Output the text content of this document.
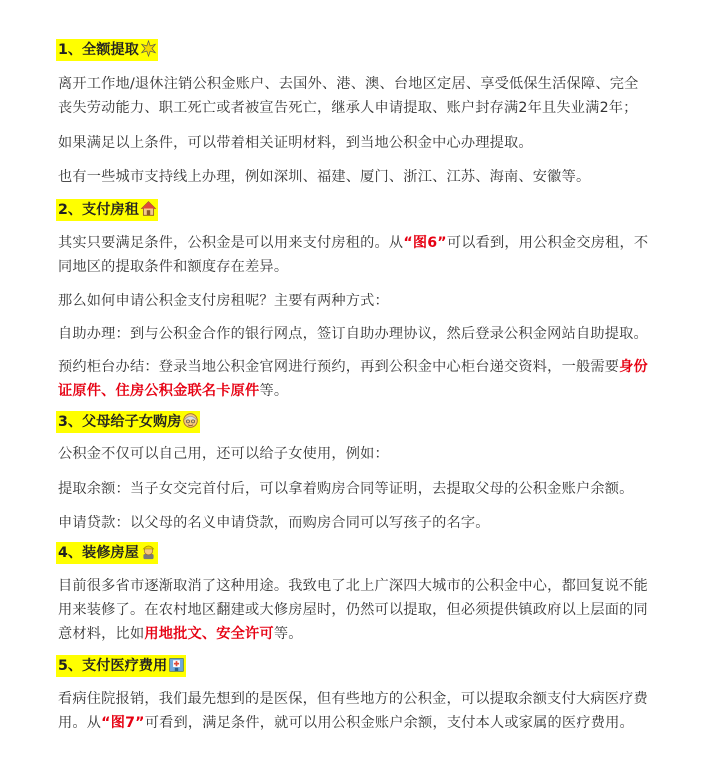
1、全额提取

离开工作地/退休注销公积金账户、去国外、港、澳、台地区定居、享受低保生活保障、完全

丧失劳动能力、职工死亡或者被宣告死亡，继承人申请提取、账户封存满2年且失业满2年；

如果满足以上条件，可以带着相关证明材料，到当地公积金中心办理提取。

也有一些城市支持线上办理，例如深圳、福建、厦门、浙江、江苏、海南、安徽等。

2、支付房租

其实只要满足条件，公积金是可以用来支付房租的。从“图6”可以看到，用公积金交房租，不

同地区的提取条件和额度存在差异。

那么如何申请公积金支付房租呢？主要有两种方式：

自助办理：到与公积金合作的银行网点，签订自助办理协议，然后登录公积金网站自助提取。

预约柜台办结：登录当地公积金官网进行预约，再到公积金中心柜台递交资料，一般需要身份

证原件、住房公积金联名卡原件等。

3、父母给子女购房

公积金不仅可以自己用，还可以给子女使用，例如：

提取余额：当子女交完首付后，可以拿着购房合同等证明，去提取父母的公积金账户余额。

申请贷款：以父母的名义申请贷款，而购房合同可以写孩子的名字。

4、装修房屋

目前很多省市逐渐取消了这种用途。我致电了北上广深四大城市的公积金中心，都回复说不能

用来装修了。在农村地区翻建或大修房屋时，仍然可以提取，但必须提供镇政府以上层面的同

意材料，比如用地批文、安全许可等。

5、支付医疗费用

看病住院报销，我们最先想到的是医保，但有些地方的公积金，可以提取余额支付大病医疗费

用。从“图7”可看到，满足条件，就可以用公积金账户余额，支付本人或家属的医疗费用。
